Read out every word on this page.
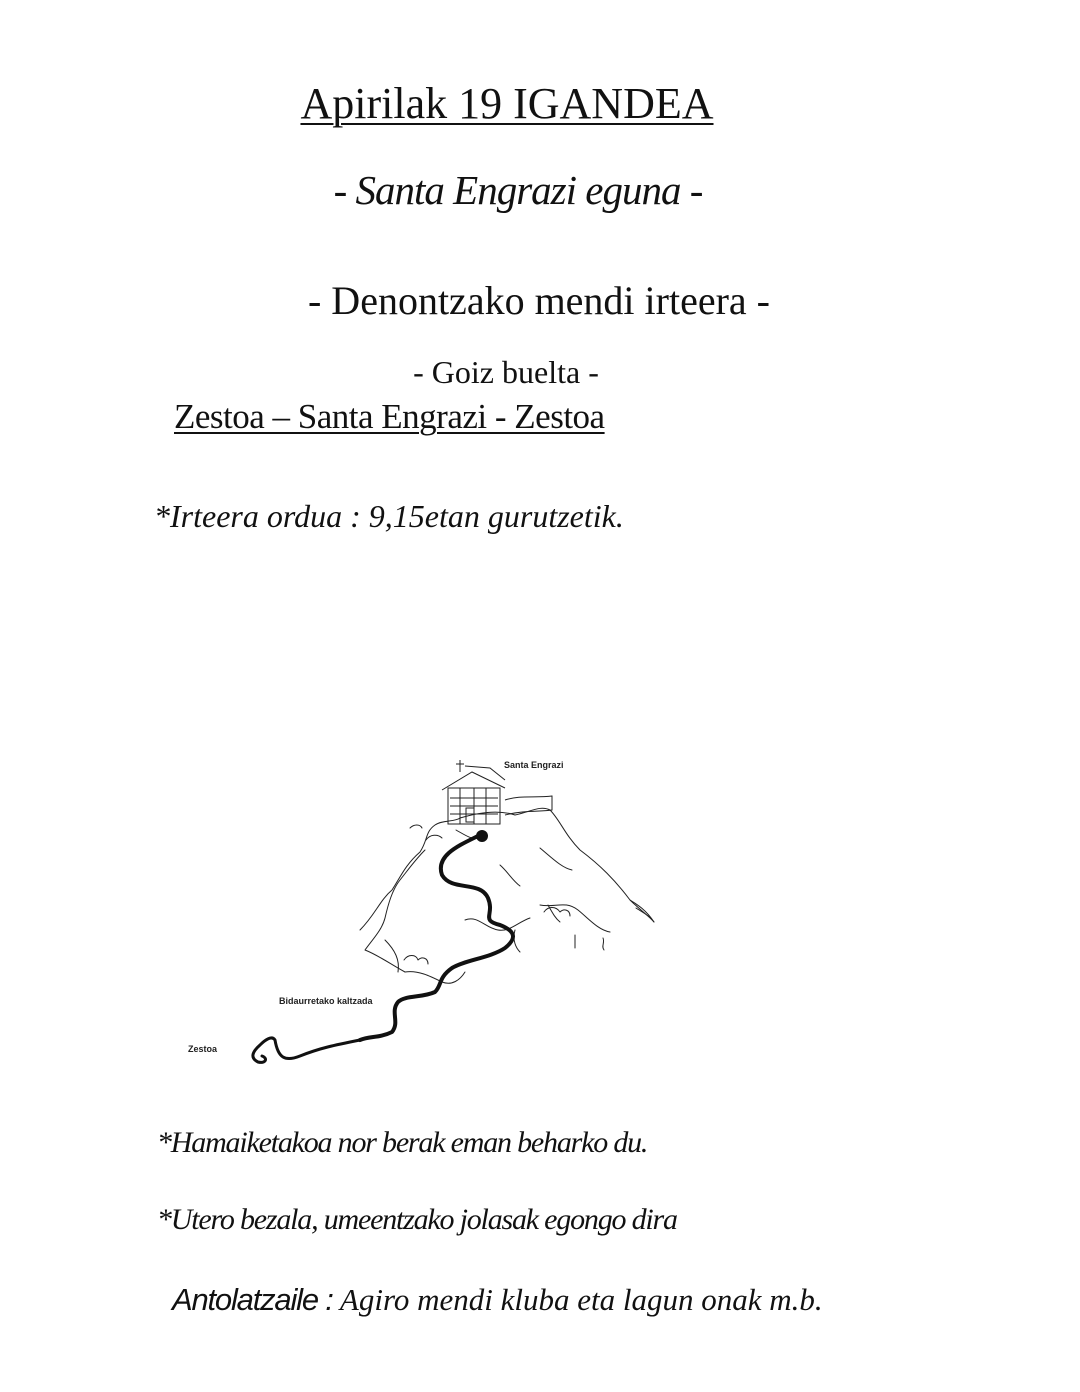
Apirilak 19 IGANDEA
- Santa Engrazi eguna -
- Denontzako mendi irteera -
- Goiz buelta -
Zestoa – Santa Engrazi - Zestoa
*Irteera ordua : 9,15etan gurutzetik.
Santa Engrazi
Bidaurretako kaltzada
Zestoa
*Hamaiketakoa nor berak eman beharko du.
*Utero bezala, umeentzako jolasak egongo dira
Antolatzaile : Agiro mendi kluba eta lagun onak m.b.
